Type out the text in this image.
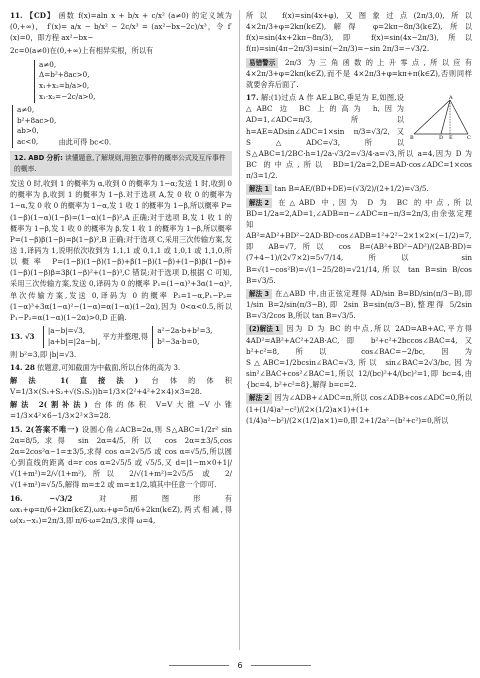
11. 【CD】 函数 f(x)=aln x + b/x + c/x² (a≠0) 的定义域为(0,+∞)， f′(x)= a/x − b/x² − 2c/x³ = (ax²−bx−2c)/x³，令 f′(x)=0，即方程 ax²−bx−

2c=0(a≠0)在(0,+∞)上有相异实根，所以有

a≠0,
Δ=b²+8ac>0,
x₁+x₂=b/a>0,
x₁·x₂=−2c/a>0,
a≠0,
b²+8ac>0,
ab>0,
ac<0,	由此可得 bc<0.
12. ABD 分析: 读懂题意,了解规则,用独立事件的概率公式及互斥事件的概率.

发送 0 时,收到 1 的概率为 α,收到 0 的概率为 1−α;发送 1 时,收到 0 的概率为 β,收到 1 的概率为 1−β.对于选项 A,发 0 收 0 的概率为 1−α,发 0 收 0 的概率为 1−α,发 1 收 1 的概率为 1−β,所以概率 P=(1−β)(1−α)(1−β)=(1−α)(1−β)²,A 正确;对于选项 B,发 1 收 1 的概率为 1−β,发 1 收 0 的概率为 β,发 1 收 1 的概率为 1−β,所以概率 P=(1−β)β(1−β)=β(1−β)²,B 正确;对于选项 C,采用三次传输方案,发送 1,译码为 1,说明依次收到为 1,1,1 或 0,1,1 或 1,0,1 或 1,1,0,所以概率 P=(1−β)(1−β)(1−β)+β(1−β)(1−β)+(1−β)β(1−β)+(1−β)(1−β)β=3β(1−β)²+(1−β)³,C 错误;对于选项 D,根据 C 可知,采用三次传输方案,发送 0,译码为 0 的概率 P₁=(1−α)³+3α(1−α)²,单次传输方案,发送 0,译码为 0 的概率 P₂=1−α,P₁−P₂=(1−α)³+3α(1−α)²−(1−α)=α(1−α)(1−2α),因为 0<α<0.5,所以 P₁−P₂=α(1−α)(1−2α)>0,D 正确.

13. √3
|a−b|=√3,
|a+b|=|2a−b|,
平方并整理,得
a²−2a·b+b²=3,
b²−3a·b=0,
则 b²=3,即 |b|=√3.

14. 28 依题意,可知截面为中截面,所以台体的高为 3.

解法 1(直接法) 台体的体积 V=1/3×(S₁+S₂+√(S₁S₂))h=1/3×(2²+4²+2×4)×3=28.

解法 2(割补法) 台体的体积 V=V大锥−V小锥=1/3×4²×6−1/3×2²×3=28.

15. 2(答案不唯一) 设圆心角∠ACB=2α,则 S△ABC=1/2r² sin 2α=8/5,求得 sin 2α=4/5,所以 cos 2α=±3/5,cos 2α=2cos²α−1=±3/5,求得 cos α=2√5/5 或 cos α=√5/5,所以圆心到直线的距离 d=r cos α=2√5/5 或 √5/5,又 d=|1−m×0+1|/√(1+m²)=2/√(1+m²),所以 2/√(1+m²)=2√5/5 或 2/√(1+m²)=√5/5,解得 m=±2 或 m=±1/2,填其中任意一个即可.

16.	−√3/2	对照图形有 ωx₁+φ=π/6+2kπ(k∈Z),ωx₂+φ=5π/6+2kπ(k∈Z),两式相减,得 ω(x₂−x₁)=2π/3,即 π/6·ω=2π/3,求得 ω=4,

所以 f(x)=sin(4x+φ),又图象过点(2π/3,0),所以 4×2π/3+φ=2kπ(k∈Z),解得 φ=2kπ−8π/3(k∈Z),所以 f(x)=sin(4x+2kπ−8π/3),即 f(x)=sin(4x−2π/3),所以 f(π)=sin(4π−2π/3)=sin(−2π/3)=−sin 2π/3=−√3/2.

易错警示 2π/3 为三角函数的上升零点,所以应有 4×2π/3+φ=2kπ(k∈Z),而不是 4×2π/3+φ=kπ+π(k∈Z),否则同样就要舍弃后面了.

A
B	D E	C
17. 解:(1)过点 A 作 AE⊥BC,垂足为 E,如图,设△ABC 边 BC 上的高为 h,因为 AD=1,∠ADC=π/3,所以 h=AE=ADsin∠ADC=1×sin π/3=√3/2,又 S△ADC=√3,所以 S△ABC=1/2BC·h=1/2a·√3/2=√3/4·a=√3,所以 a=4,因为 D 为 BC 的中点,所以 BD=1/2a=2,DE=AD·cos∠ADC=1×cos π/3=1/2.

解法 1 tan B=AE/(BD+DE)=(√3/2)/(2+1/2)=√3/5.

解法 2 在△ABD 中,因为 D 为 BC 的中点,所以 BD=1/2a=2,AD=1,∠ADB=π−∠ADC=π−π/3=2π/3,由余弦定理知 AB²=AD²+BD²−2AD·BD·cos∠ADB=1²+2²−2×1×2×(−1/2)=7,即 AB=√7,所以 cos B=(AB²+BD²−AD²)/(2AB·BD)=(7+4−1)/(2√7×2)=5√7/14,所以 sin B=√(1−cos²B)=√(1−25/28)=√21/14,所以 tan B=sin B/cos B=√3/5.

解法 3 在△ABD 中,由正弦定理得 AD/sin B=BD/sin(π/3−B),即 1/sin B=2/sin(π/3−B),即 2sin B=sin(π/3−B),整理得 5/2sin B=√3/2cos B,所以 tan B=√3/5.

(2)解法 1 因为 D 为 BC 的中点,所以 2AD=AB+AC,平方得 4AD²=AB²+AC²+2AB·AC,即 b²+c²+2bccos∠BAC=4,又 b²+c²=8,所以 cos∠BAC=−2/bc,因为 S△ABC=1/2bcsin∠BAC=√3,所以 sin∠BAC=2√3/bc,因为 sin²∠BAC+cos²∠BAC=1,所以 12/(bc)²+4/(bc)²=1,即 bc=4,由 {bc=4, b²+c²=8},解得 b=c=2.

解法 2 因为∠ADB+∠ADC=π,所以 cos∠ADB+cos∠ADC=0,所以 (1+(1/4)a²−c²)/(2×(1/2)a×1)+(1+(1/4)a²−b²)/(2×(1/2)a×1)=0,即 2+1/2a²−(b²+c²)=0,所以

6
